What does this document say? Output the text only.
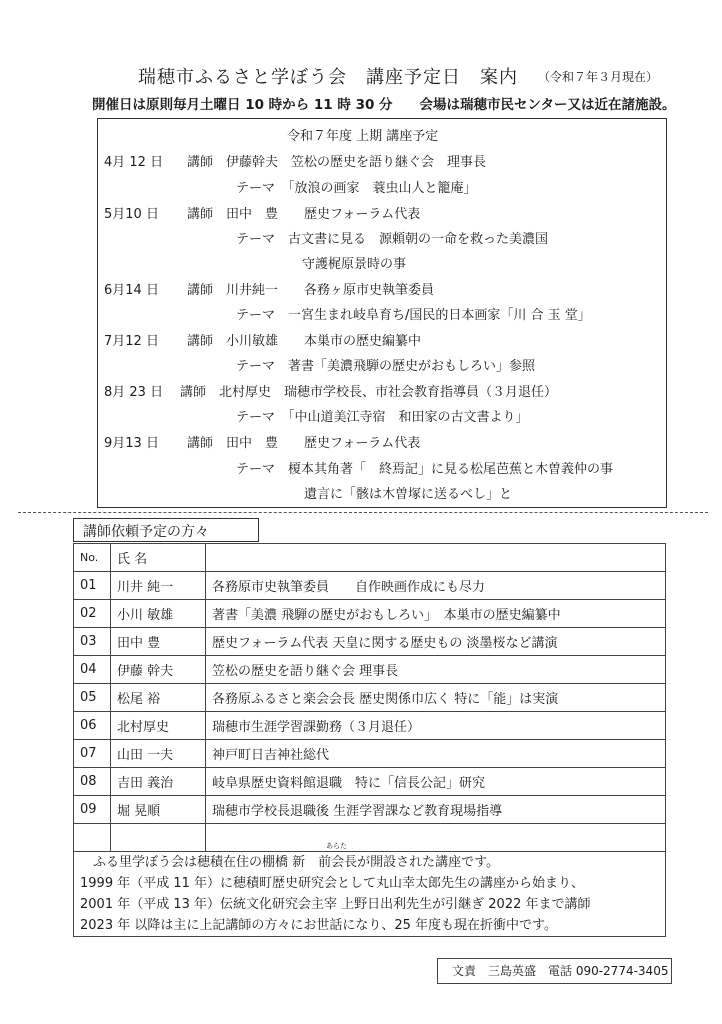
瑞穂市ふるさと学ぼう会　講座予定日　案内 （令和７年３月現在）
開催日は原則毎月土曜日 10 時から 11 時 30 分　　会場は瑞穂市民センター又は近在諸施設。
令和７年度 上期 講座予定
4月 12 日 講師　伊藤幹夫　笠松の歴史を語り継ぐ会　理事長
テーマ　「放浪の画家　蓑虫山人と籠庵」
5月10 日 講師　田中　豊　　歴史フォーラム代表
テーマ　古文書に見る　源頼朝の一命を救った美濃国
守護梶原景時の事
6月14 日 講師　川井純一　　各務ヶ原市史執筆委員
テーマ　一宮生まれ岐阜育ち/国民的日本画家「川 合 玉 堂」
7月12 日 講師　小川敏雄　　本巣市の歴史編纂中
テーマ　著書「美濃飛騨の歴史がおもしろい」参照
8月 23 日 講師　北村厚史　瑞穂市学校長、市社会教育指導員（３月退任）
テーマ　「中山道美江寺宿　和田家の古文書より」
9月13 日 講師　田中　豊　　歴史フォーラム代表
テーマ　榎本其角著「　終焉記」に見る松尾芭蕉と木曽義仲の事
遺言に「骸は木曽塚に送るべし」と
講師依頼予定の方々
No.	氏 名	
01	川井 純一	各務原市史執筆委員　　自作映画作成にも尽力
02	小川 敏雄	著書「美濃 飛騨の歴史がおもしろい」　本巣市の歴史編纂中
03	田中 豊	歴史フォーラム代表 天皇に関する歴史もの 淡墨桜など講演
04	伊藤 幹夫	笠松の歴史を語り継ぐ会 理事長
05	松尾 裕	各務原ふるさと楽会会長 歴史関係巾広く 特に「能」は実演
06	北村厚史	瑞穂市生涯学習課勤務（３月退任）
07	山田 一夫	神戸町日吉神社総代
08	吉田 義治	岐阜県歴史資料館退職　特に「信長公記」研究
09	堀 晃順	瑞穂市学校長退職後 生涯学習課など教育現場指導

あらた
ふる里学ぼう会は穂積在住の棚橋 新　前会長が開設された講座です。
1999 年（平成 11 年）に穂積町歴史研究会として丸山幸太郎先生の講座から始まり、
2001 年（平成 13 年）伝統文化研究会主宰 上野日出利先生が引継ぎ 2022 年まで講師
2023 年 以降は主に上記講師の方々にお世話になり、25 年度も現在折衝中です。
文責　三島英盛　電話 090-2774-3405
